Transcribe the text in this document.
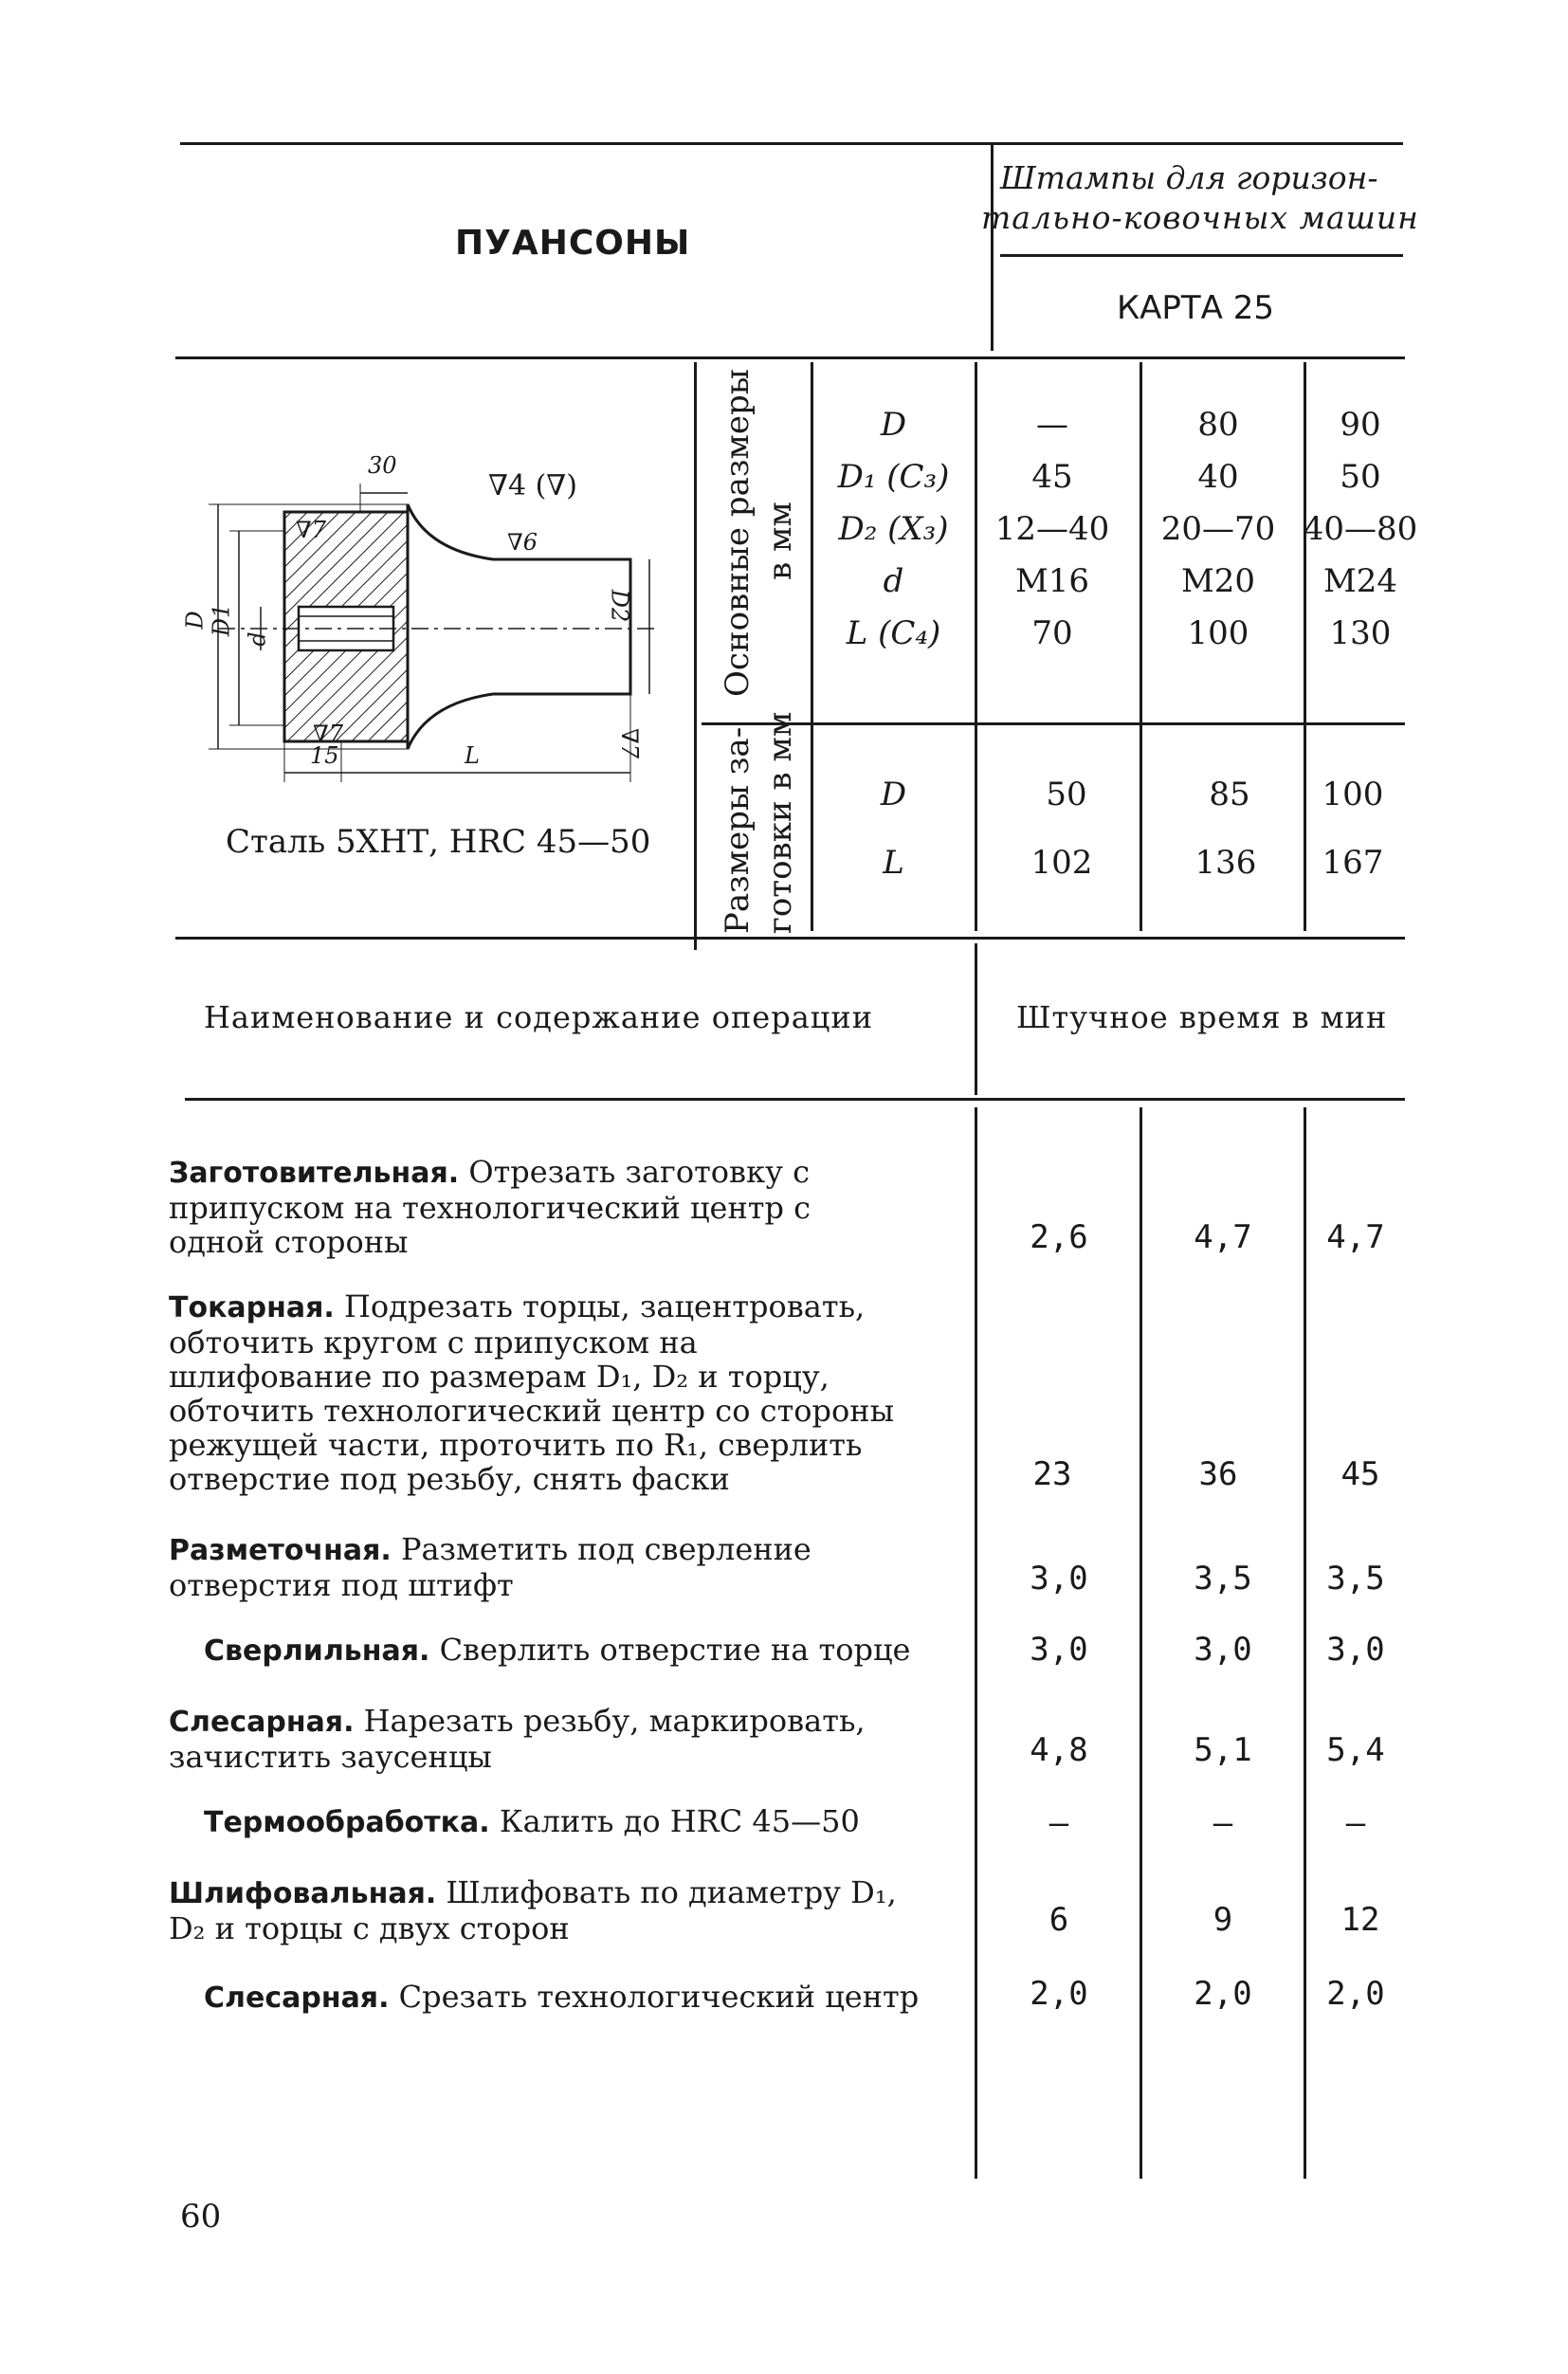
ПУАНСОНЫ
Штампы для горизон-
тально-ковочных машин
КАРТА 25
30
15	L
D D1
d
D2
∇4 (∇)
∇7	∇6
∇7	∇7
Сталь 5ХНТ, HRC 45—50
Основные размеры в мм
D	—	80	90
D₁ (C₃)	45	40	50
D₂ (X₃)	12—40	20—70 40—80
d	M16	M20	M24
L (C₄)	70	100	130
Размеры за- готовки в мм	D	50	85	100
L	102	136	167
Наименование и содержание операции	Штучное время в мин
Заготовительная. Отрезать заготовку с припуском на технологический центр с одной стороны	2,6	4,7	4,7
Токарная. Подрезать торцы, зацентровать, обточить кругом с припуском на шлифование по размерам D₁, D₂ и торцу, обточить технологический центр со стороны режущей части, проточить по R₁, сверлить отверстие под резьбу, снять фаски	23	36	45
Разметочная. Разметить под сверление отверстия под штифт	3,0	3,5	3,5
Сверлильная. Сверлить отверстие на торце	3,0	3,0	3,0
Слесарная. Нарезать резьбу, маркировать, зачистить заусенцы	4,8	5,1	5,4
Термообработка. Калить до HRC 45—50	—	—	—
Шлифовальная. Шлифовать по диаметру D₁, D₂ и торцы с двух сторон	6	9	12
Слесарная. Срезать технологический центр	2,0	2,0	2,0
60
